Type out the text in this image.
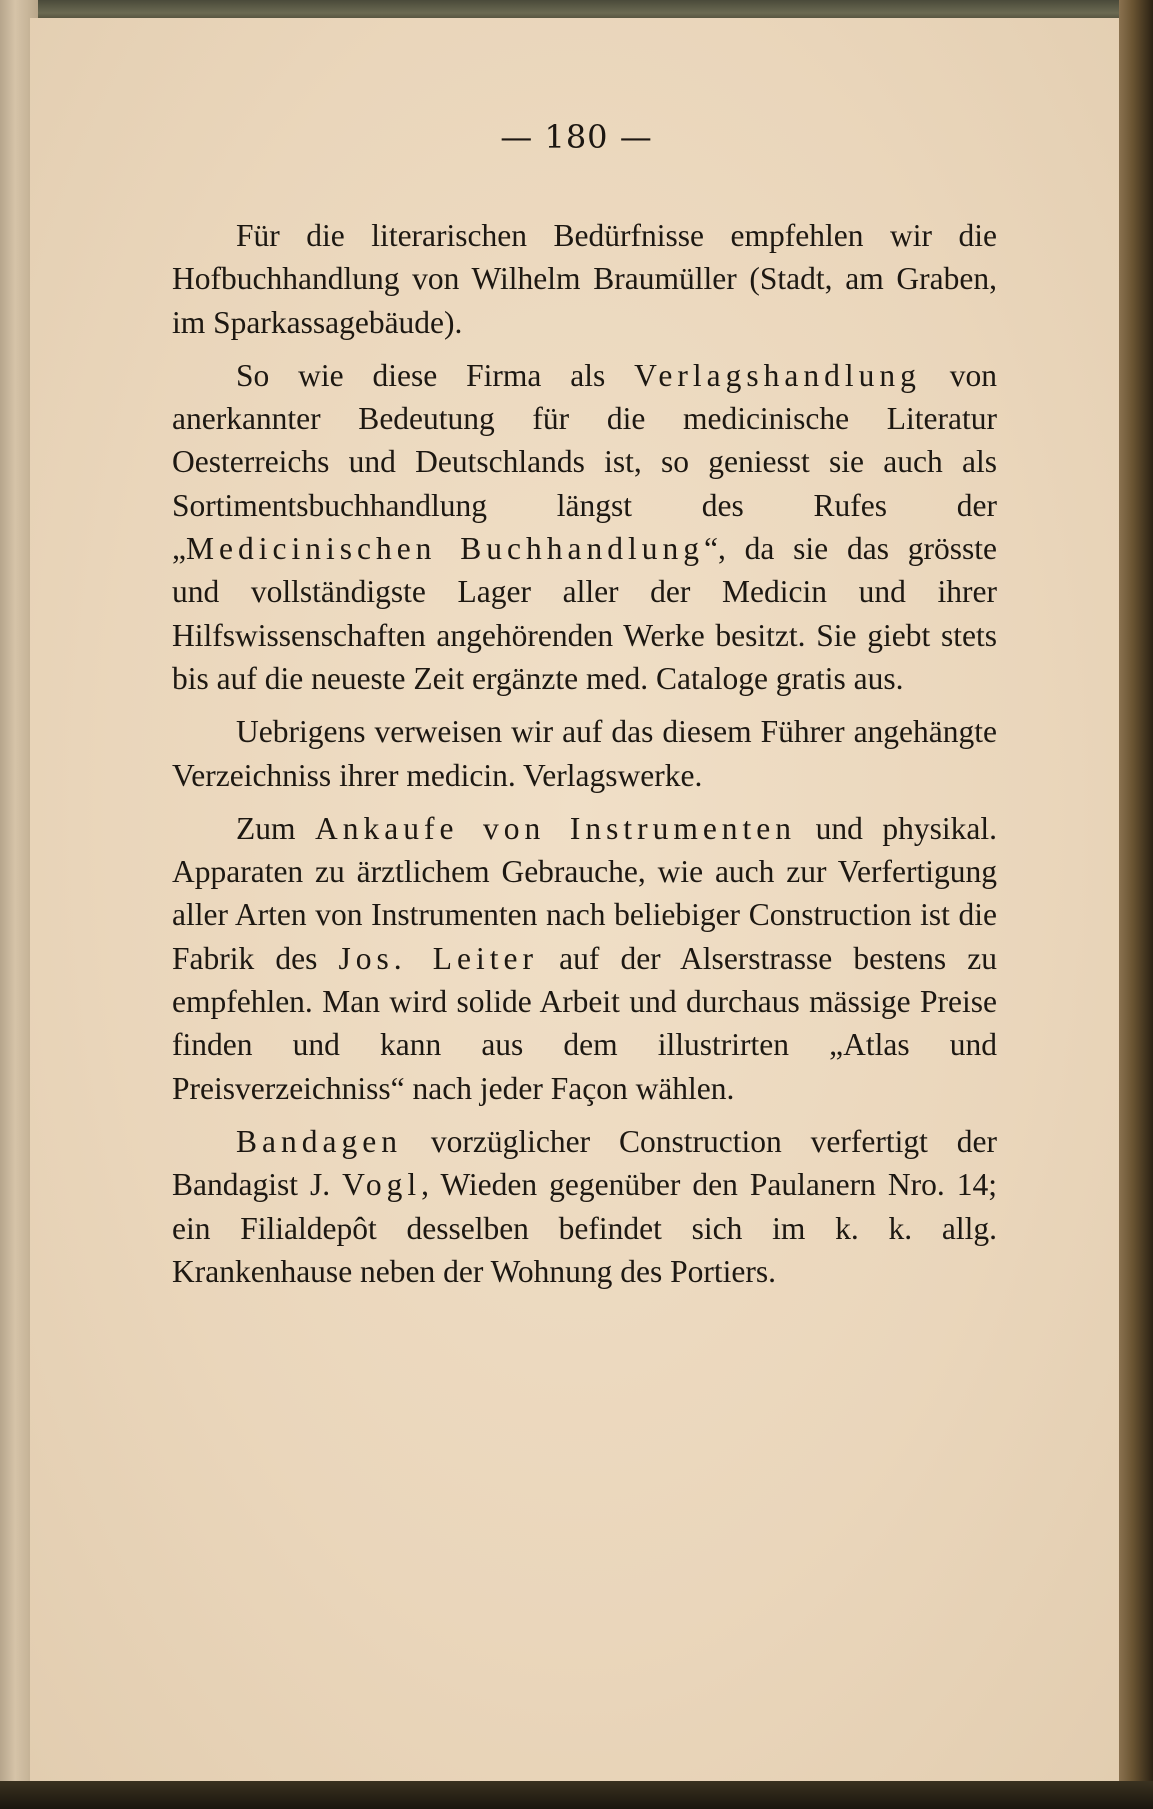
— 180 —

Für die literarischen Bedürfnisse empfehlen wir die Hofbuchhandlung von Wilhelm Braumüller (Stadt, am Graben, im Sparkassagebäude).

So wie diese Firma als Verlagshandlung von anerkannter Bedeutung für die medicinische Literatur Oesterreichs und Deutschlands ist, so geniesst sie auch als Sortimentsbuchhandlung längst des Rufes der „Medicinischen Buchhandlung“, da sie das grösste und vollständigste Lager aller der Medicin und ihrer Hilfswissenschaften angehörenden Werke besitzt. Sie giebt stets bis auf die neueste Zeit ergänzte med. Cataloge gratis aus.

Uebrigens verweisen wir auf das diesem Führer angehängte Verzeichniss ihrer medicin. Verlagswerke.

Zum Ankaufe von Instrumenten und physikal. Apparaten zu ärztlichem Gebrauche, wie auch zur Verfertigung aller Arten von Instrumenten nach beliebiger Construction ist die Fabrik des Jos. Leiter auf der Alserstrasse bestens zu empfehlen. Man wird solide Arbeit und durchaus mässige Preise finden und kann aus dem illustrirten „Atlas und Preisverzeichniss“ nach jeder Façon wählen.

Bandagen vorzüglicher Construction verfertigt der Bandagist J. Vogl, Wieden gegenüber den Paulanern Nro. 14; ein Filialdepôt desselben befindet sich im k. k. allg. Krankenhause neben der Wohnung des Portiers.
